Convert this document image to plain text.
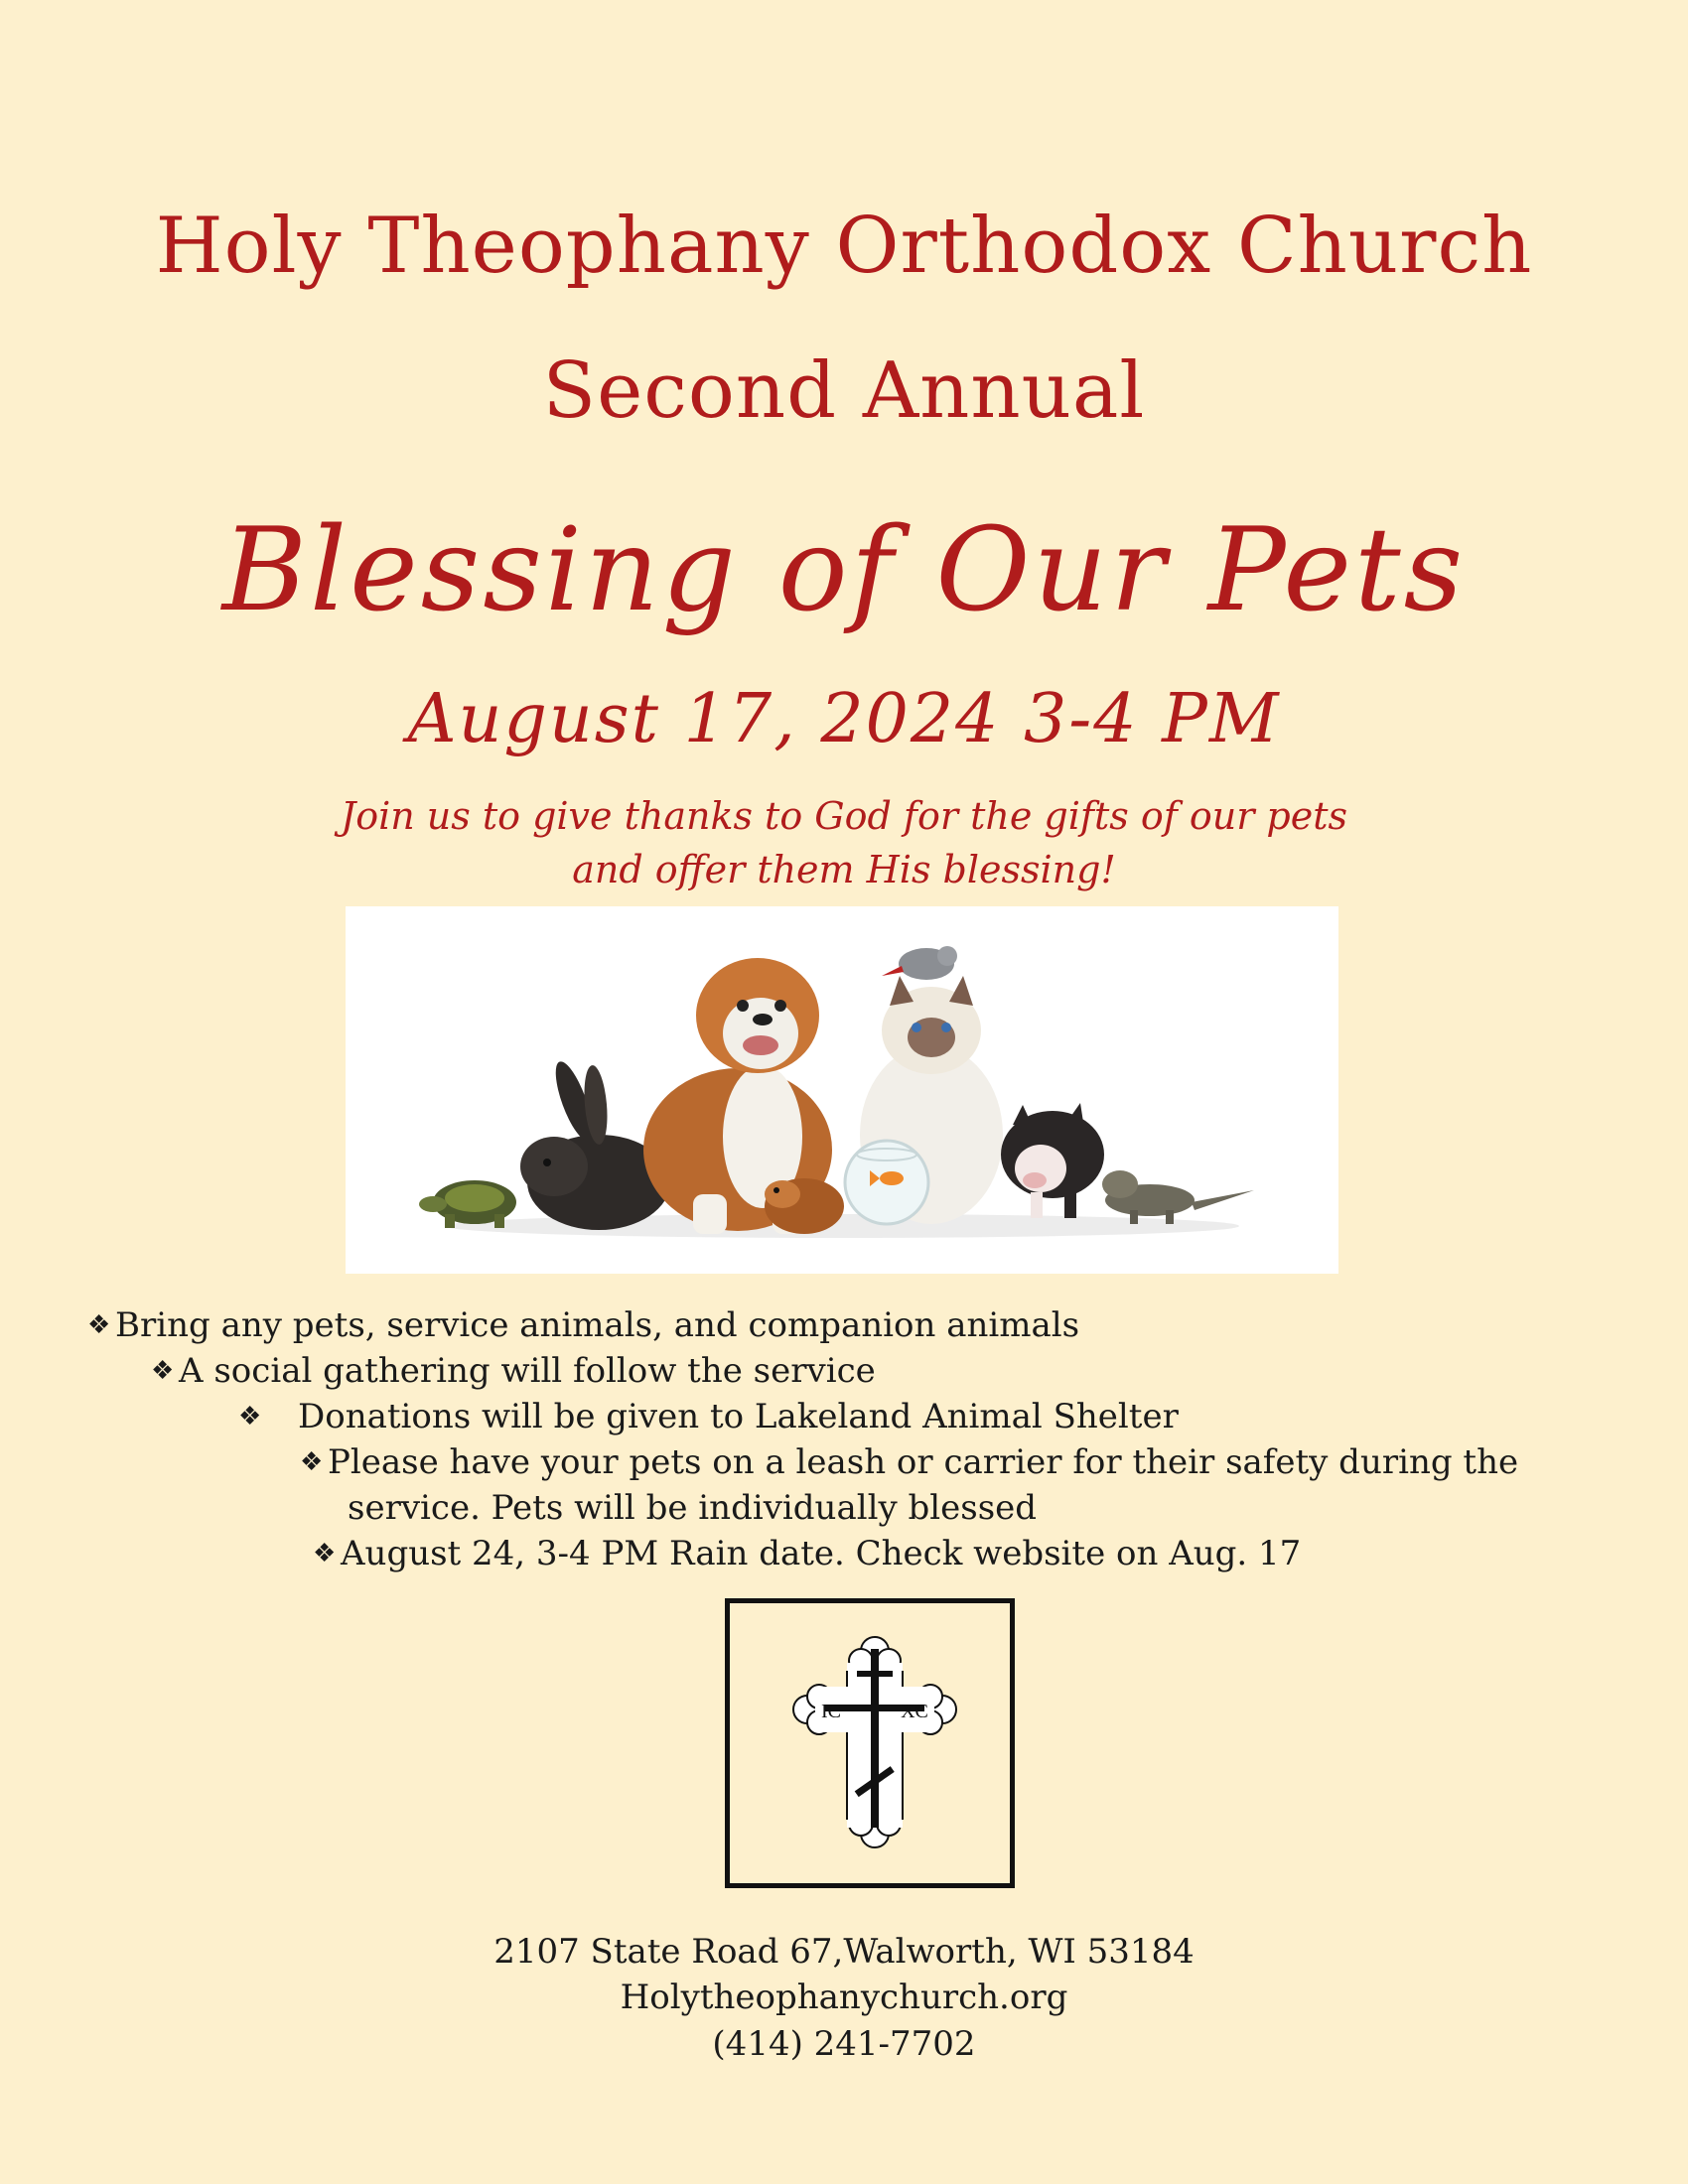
Holy Theophany Orthodox Church
Second Annual
Blessing of Our Pets
August 17, 2024 3-4 PM
Join us to give thanks to God for the gifts of our pets
and offer them His blessing!
❖ Bring any pets, service animals, and companion animals
❖ A social gathering will follow the service
❖ Donations will be given to Lakeland Animal Shelter
❖ Please have your pets on a leash or carrier for their safety during the
service. Pets will be individually blessed
❖ August 24, 3-4 PM Rain date. Check website on Aug. 17
IC	XC
2107 State Road 67,Walworth, WI 53184
Holytheophanychurch.org
(414) 241-7702
